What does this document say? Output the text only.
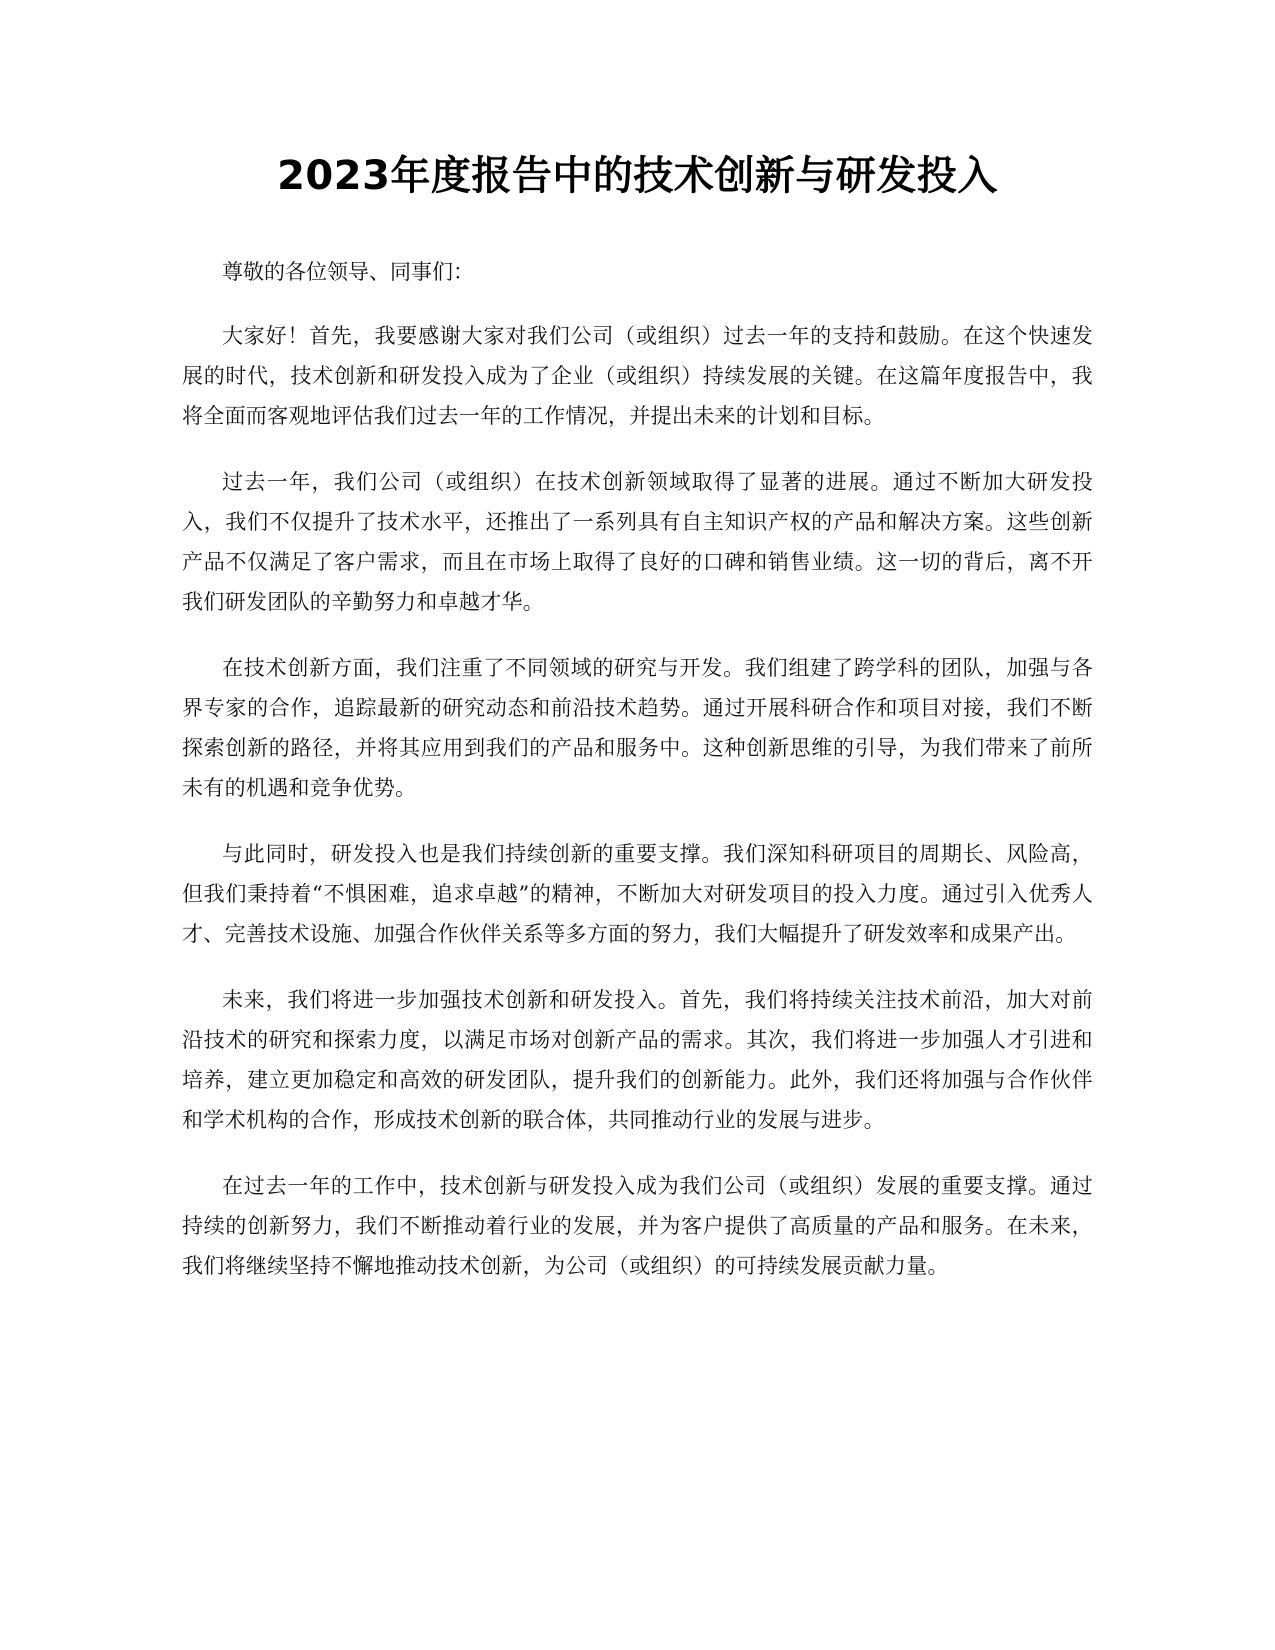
2023年度报告中的技术创新与研发投入

尊敬的各位领导、同事们：

大家好！首先，我要感谢大家对我们公司（或组织）过去一年的支持和鼓励。在这个快速发展的时代，技术创新和研发投入成为了企业（或组织）持续发展的关键。在这篇年度报告中，我将全面而客观地评估我们过去一年的工作情况，并提出未来的计划和目标。

过去一年，我们公司（或组织）在技术创新领域取得了显著的进展。通过不断加大研发投入，我们不仅提升了技术水平，还推出了一系列具有自主知识产权的产品和解决方案。这些创新产品不仅满足了客户需求，而且在市场上取得了良好的口碑和销售业绩。这一切的背后，离不开我们研发团队的辛勤努力和卓越才华。

在技术创新方面，我们注重了不同领域的研究与开发。我们组建了跨学科的团队，加强与各界专家的合作，追踪最新的研究动态和前沿技术趋势。通过开展科研合作和项目对接，我们不断探索创新的路径，并将其应用到我们的产品和服务中。这种创新思维的引导，为我们带来了前所未有的机遇和竞争优势。

与此同时，研发投入也是我们持续创新的重要支撑。我们深知科研项目的周期长、风险高，但我们秉持着“不惧困难，追求卓越”的精神，不断加大对研发项目的投入力度。通过引入优秀人才、完善技术设施、加强合作伙伴关系等多方面的努力，我们大幅提升了研发效率和成果产出。

未来，我们将进一步加强技术创新和研发投入。首先，我们将持续关注技术前沿，加大对前沿技术的研究和探索力度，以满足市场对创新产品的需求。其次，我们将进一步加强人才引进和培养，建立更加稳定和高效的研发团队，提升我们的创新能力。此外，我们还将加强与合作伙伴和学术机构的合作，形成技术创新的联合体，共同推动行业的发展与进步。

在过去一年的工作中，技术创新与研发投入成为我们公司（或组织）发展的重要支撑。通过持续的创新努力，我们不断推动着行业的发展，并为客户提供了高质量的产品和服务。在未来，我们将继续坚持不懈地推动技术创新，为公司（或组织）的可持续发展贡献力量。
